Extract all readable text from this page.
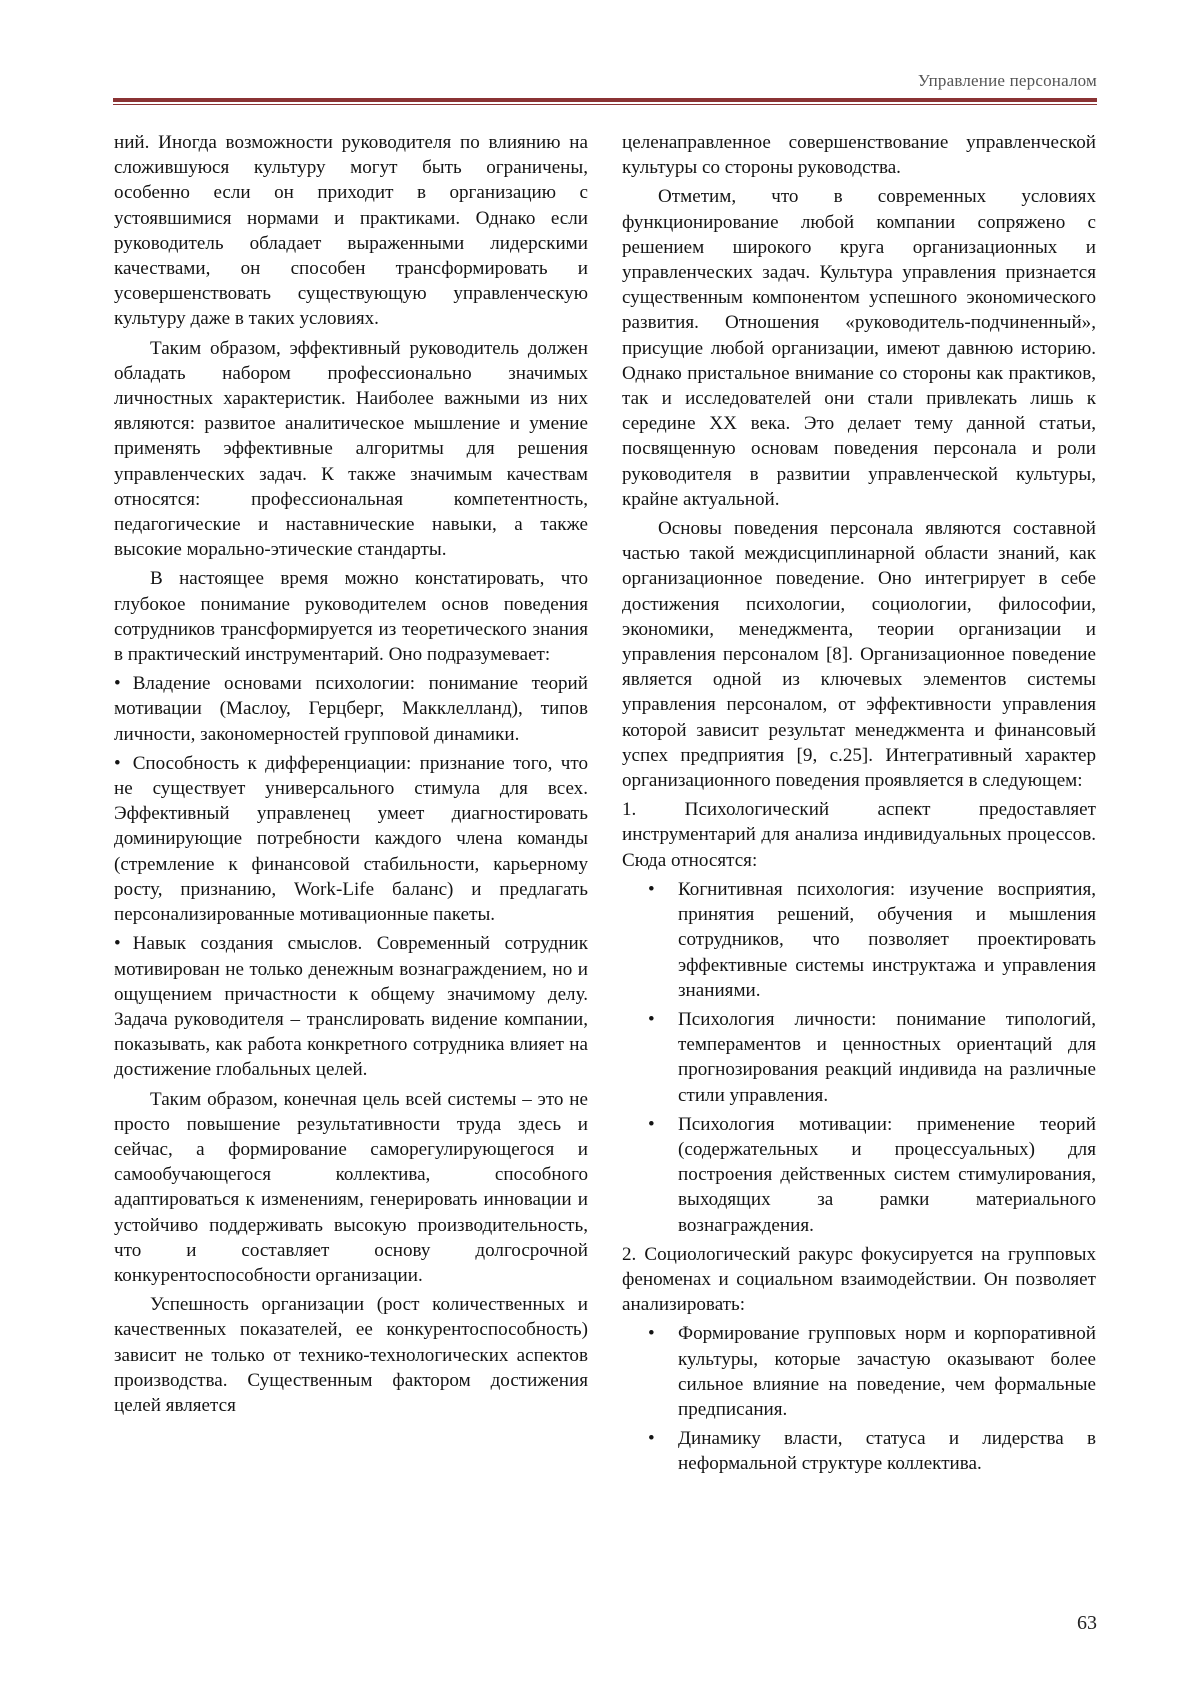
Управление персоналом

ний. Иногда возможности руководителя по влиянию на сложившуюся культуру могут быть ограничены, особенно если он приходит в организацию с устоявшимися нормами и практиками. Однако если руководитель обладает выраженными лидерскими качествами, он способен трансформировать и усовершенствовать существующую управленческую культуру даже в таких условиях.

Таким образом, эффективный руководитель должен обладать набором профессионально значимых личностных характеристик. Наиболее важными из них являются: развитое аналитическое мышление и умение применять эффективные алгоритмы для решения управленческих задач. К также значимым качествам относятся: профессиональная компетентность, педагогические и наставнические навыки, а также высокие морально-этические стандарты.

В настоящее время можно констатировать, что глубокое понимание руководителем основ поведения сотрудников трансформируется из теоретического знания в практический инструментарий. Оно подразумевает:

• Владение основами психологии: понимание теорий мотивации (Маслоу, Герцберг, Макклелланд), типов личности, закономерностей групповой динамики.

• Способность к дифференциации: признание того, что не существует универсального стимула для всех. Эффективный управленец умеет диагностировать доминирующие потребности каждого члена команды (стремление к финансовой стабильности, карьерному росту, признанию, Work-Life баланс) и предлагать персонализированные мотивационные пакеты.

• Навык создания смыслов. Современный сотрудник мотивирован не только денежным вознаграждением, но и ощущением причастности к общему значимому делу. Задача руководителя – транслировать видение компании, показывать, как работа конкретного сотрудника влияет на достижение глобальных целей.

Таким образом, конечная цель всей системы – это не просто повышение результативности труда здесь и сейчас, а формирование саморегулирующегося и самообучающегося коллектива, способного адаптироваться к изменениям, генерировать инновации и устойчиво поддерживать высокую производительность, что и составляет основу долгосрочной конкурентоспособности организации.

Успешность организации (рост количественных и качественных показателей, ее конкурентоспособность) зависит не только от технико-технологических аспектов производства. Существенным фактором достижения целей является

целенаправленное совершенствование управленческой культуры со стороны руководства.

Отметим, что в современных условиях функционирование любой компании сопряжено с решением широкого круга организационных и управленческих задач. Культура управления признается существенным компонентом успешного экономического развития. Отношения «руководитель-подчиненный», присущие любой организации, имеют давнюю историю. Однако пристальное внимание со стороны как практиков, так и исследователей они стали привлекать лишь к середине XX века. Это делает тему данной статьи, посвященную основам поведения персонала и роли руководителя в развитии управленческой культуры, крайне актуальной.

Основы поведения персонала являются составной частью такой междисциплинарной области знаний, как организационное поведение. Оно интегрирует в себе достижения психологии, социологии, философии, экономики, менеджмента, теории организации и управления персоналом [8]. Организационное поведение является одной из ключевых элементов системы управления персоналом, от эффективности управления которой зависит результат менеджмента и финансовый успех предприятия [9, с.25]. Интегративный характер организационного поведения проявляется в следующем:

1. Психологический аспект предоставляет инструментарий для анализа индивидуальных процессов. Сюда относятся:

•	Когнитивная психология: изучение восприятия, принятия решений, обучения и мышления сотрудников, что позволяет проектировать эффективные системы инструктажа и управления знаниями.
•	Психология личности: понимание типологий, темпераментов и ценностных ориентаций для прогнозирования реакций индивида на различные стили управления.
•	Психология мотивации: применение теорий (содержательных и процессуальных) для построения действенных систем стимулирования, выходящих за рамки материального вознаграждения.

2. Социологический ракурс фокусируется на групповых феноменах и социальном взаимодействии. Он позволяет анализировать:

•	Формирование групповых норм и корпоративной культуры, которые зачастую оказывают более сильное влияние на поведение, чем формальные предписания.
•	Динамику власти, статуса и лидерства в неформальной структуре коллектива.
63
